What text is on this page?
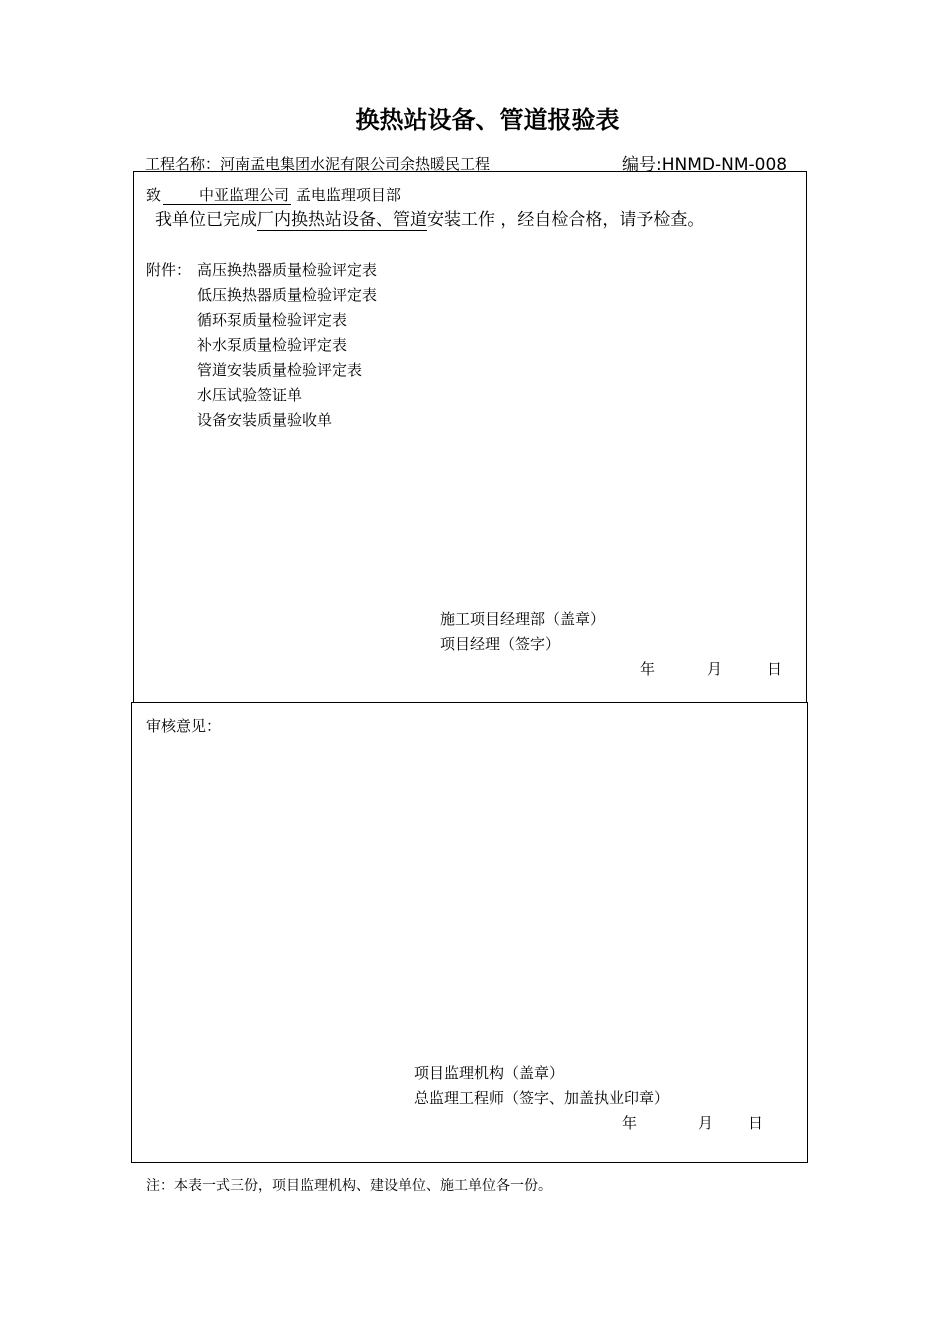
换热站设备、管道报验表
工程名称：河南孟电集团水泥有限公司余热暖民工程	编号:HNMD-NM-008
致	中亚监理公司 孟电监理项目部
我单位已完成厂内换热站设备、管道安装工作 ，经自检合格，请予检查。
附件： 高压换热器质量检验评定表
低压换热器质量检验评定表
循环泵质量检验评定表
补水泵质量检验评定表
管道安装质量检验评定表
水压试验签证单
设备安装质量验收单
施工项目经理部（盖章）
项目经理（签字）
年	月	日
审核意见：
项目监理机构（盖章）
总监理工程师（签字、加盖执业印章）
年	月 日
注：本表一式三份，项目监理机构、建设单位、施工单位各一份。
